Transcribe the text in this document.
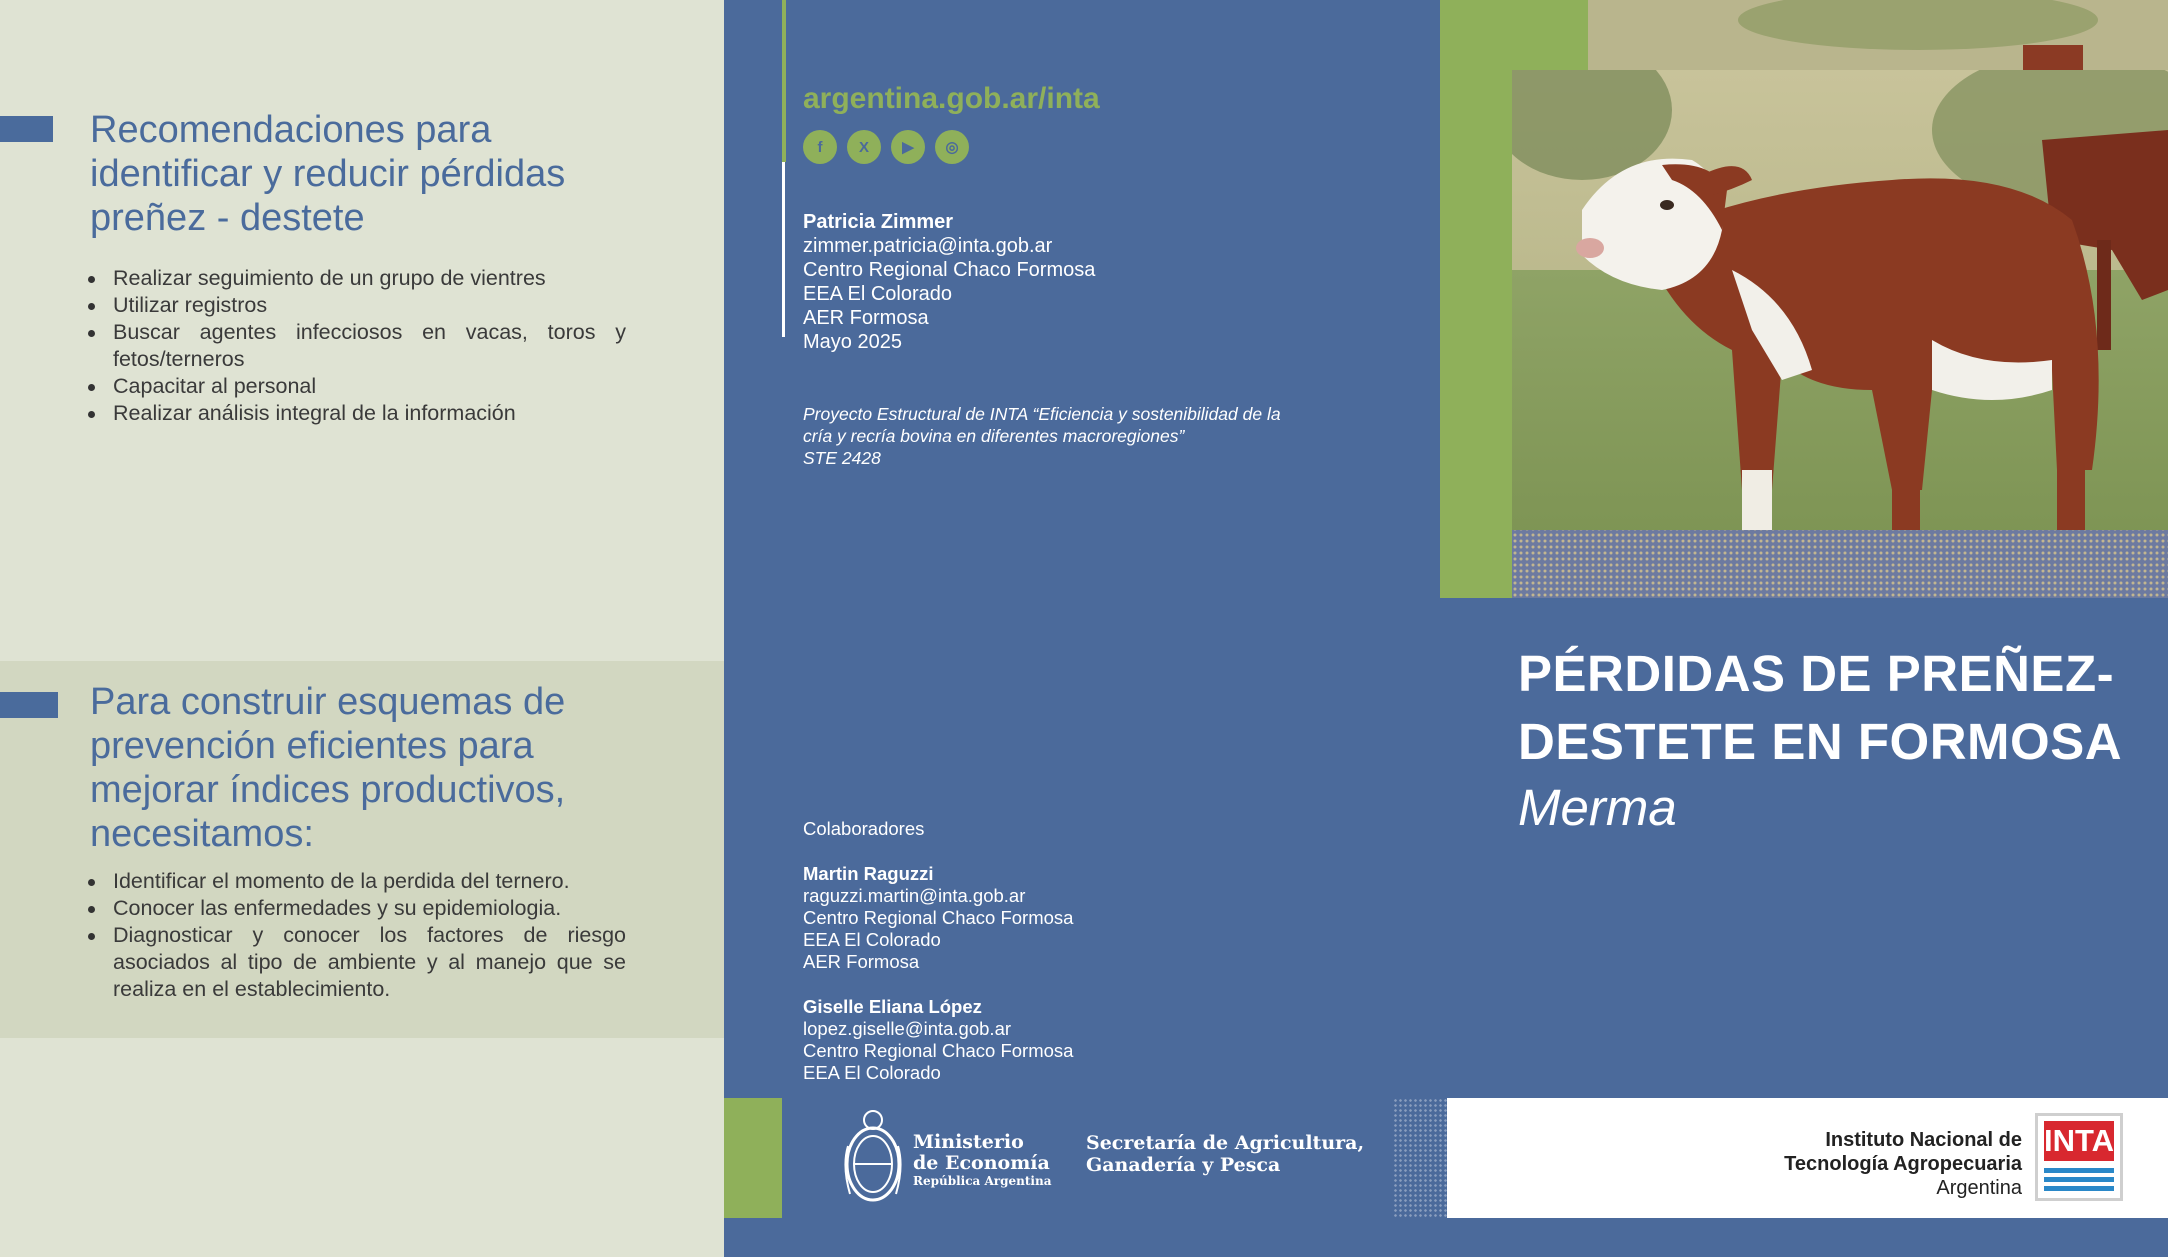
Recomendaciones para
identificar y reducir pérdidas
preñez - destete
Realizar seguimiento de un grupo de vientres
Utilizar registros
Buscar agentes infecciosos en vacas, toros y fetos/terneros
Capacitar al personal
Realizar análisis integral de la información
Para construir esquemas de
prevención eficientes para
mejorar índices productivos,
necesitamos:
Identificar el momento de la perdida del ternero.
Conocer las enfermedades y su epidemiologia.
Diagnosticar y conocer los factores de riesgo asociados al tipo de ambiente y al manejo que se realiza en el establecimiento.
argentina.gob.ar/inta
f	X	▶	◎
Patricia Zimmer
zimmer.patricia@inta.gob.ar
Centro Regional Chaco Formosa
EEA El Colorado
AER Formosa
Mayo 2025
Proyecto Estructural de INTA “Eficiencia y sostenibilidad de la
cría y recría bovina en diferentes macroregiones”
STE 2428
Colaboradores
Martin Raguzzi
raguzzi.martin@inta.gob.ar
Centro Regional Chaco Formosa
EEA El Colorado
AER Formosa
Giselle Eliana López
lopez.giselle@inta.gob.ar
Centro Regional Chaco Formosa
EEA El Colorado
PÉRDIDAS DE PREÑEZ-
DESTETE EN FORMOSA
Merma
Ministerio
de Economía
República Argentina
Secretaría de Agricultura,
Ganadería y Pesca
Instituto Nacional de
Tecnología Agropecuaria
Argentina
INTA
